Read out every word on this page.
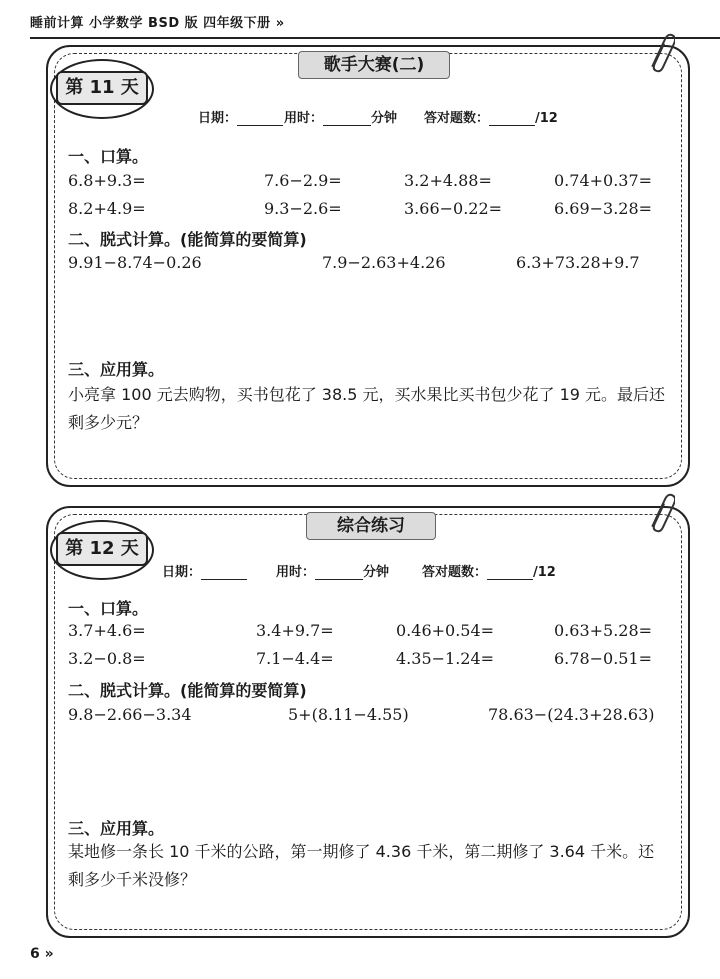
睡前计算 小学数学 BSD 版 四年级下册 »
歌手大赛(二)
第 11 天
日期：	用时：	分钟 答对题数：	/12
一、口算。
6.8+9.3=	7.6−2.9=	3.2+4.88=	0.74+0.37=
8.2+4.9=	9.3−2.6=	3.66−0.22=	6.69−3.28=
二、脱式计算。(能简算的要简算)
9.91−8.74−0.26	7.9−2.63+4.26	6.3+73.28+9.7
三、应用算。
小亮拿 100 元去购物，买书包花了 38.5 元，买水果比买书包少花了 19 元。最后还剩多少元？
综合练习
第 12 天
日期：	用时：	分钟	答对题数：	/12
一、口算。
3.7+4.6=	3.4+9.7=	0.46+0.54=	0.63+5.28=
3.2−0.8=	7.1−4.4=	4.35−1.24=	6.78−0.51=
二、脱式计算。(能简算的要简算)
9.8−2.66−3.34	5+(8.11−4.55)	78.63−(24.3+28.63)
三、应用算。
某地修一条长 10 千米的公路，第一期修了 4.36 千米，第二期修了 3.64 千米。还剩多少千米没修？
6 »
